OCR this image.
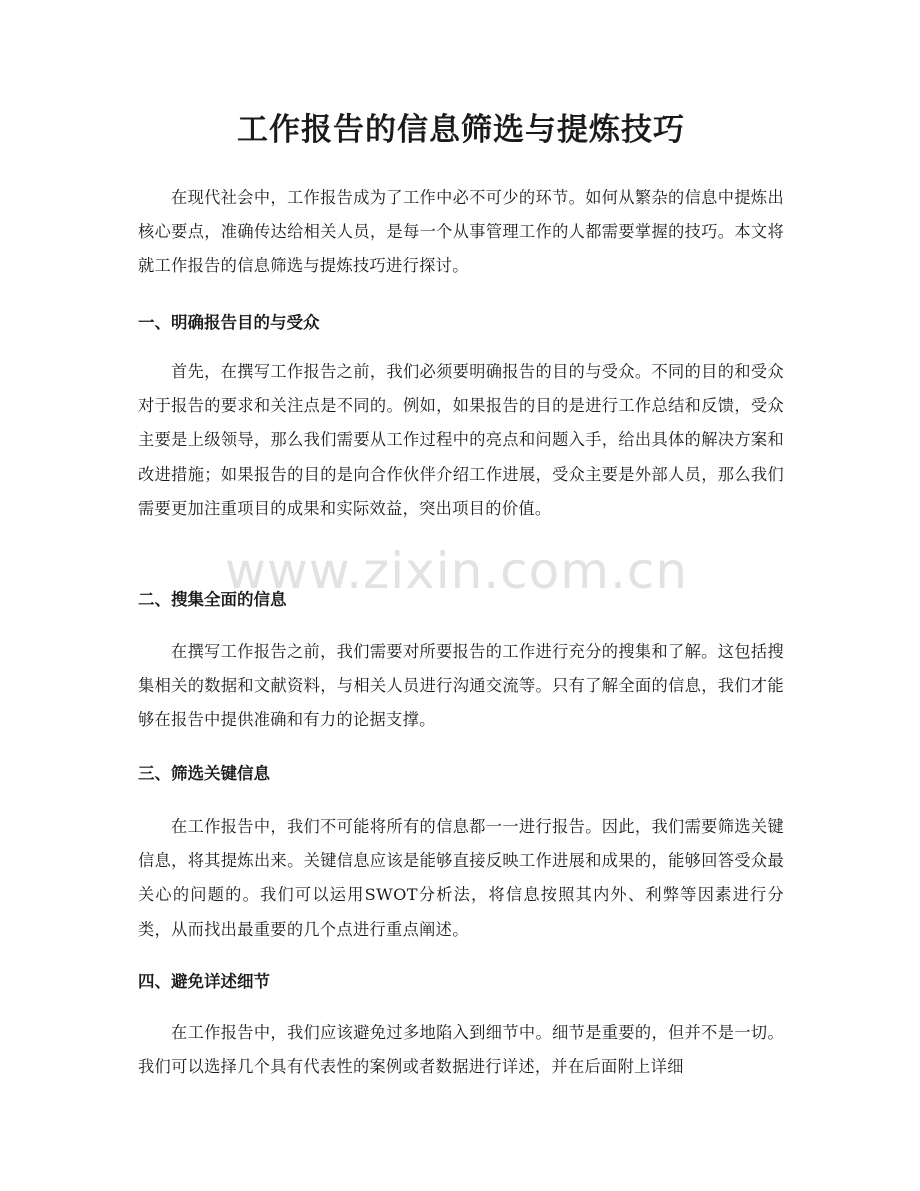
工作报告的信息筛选与提炼技巧

在现代社会中，工作报告成为了工作中必不可少的环节。如何从繁杂的信息中提炼出核心要点，准确传达给相关人员，是每一个从事管理工作的人都需要掌握的技巧。本文将就工作报告的信息筛选与提炼技巧进行探讨。

一、明确报告目的与受众

首先，在撰写工作报告之前，我们必须要明确报告的目的与受众。不同的目的和受众对于报告的要求和关注点是不同的。例如，如果报告的目的是进行工作总结和反馈，受众主要是上级领导，那么我们需要从工作过程中的亮点和问题入手，给出具体的解决方案和改进措施；如果报告的目的是向合作伙伴介绍工作进展，受众主要是外部人员，那么我们需要更加注重项目的成果和实际效益，突出项目的价值。

二、搜集全面的信息

在撰写工作报告之前，我们需要对所要报告的工作进行充分的搜集和了解。这包括搜集相关的数据和文献资料，与相关人员进行沟通交流等。只有了解全面的信息，我们才能够在报告中提供准确和有力的论据支撑。

三、筛选关键信息

在工作报告中，我们不可能将所有的信息都一一进行报告。因此，我们需要筛选关键信息，将其提炼出来。关键信息应该是能够直接反映工作进展和成果的，能够回答受众最关心的问题的。我们可以运用SWOT分析法，将信息按照其内外、利弊等因素进行分类，从而找出最重要的几个点进行重点阐述。

四、避免详述细节

在工作报告中，我们应该避免过多地陷入到细节中。细节是重要的，但并不是一切。我们可以选择几个具有代表性的案例或者数据进行详述，并在后面附上详细

www.zixin.com.cn
